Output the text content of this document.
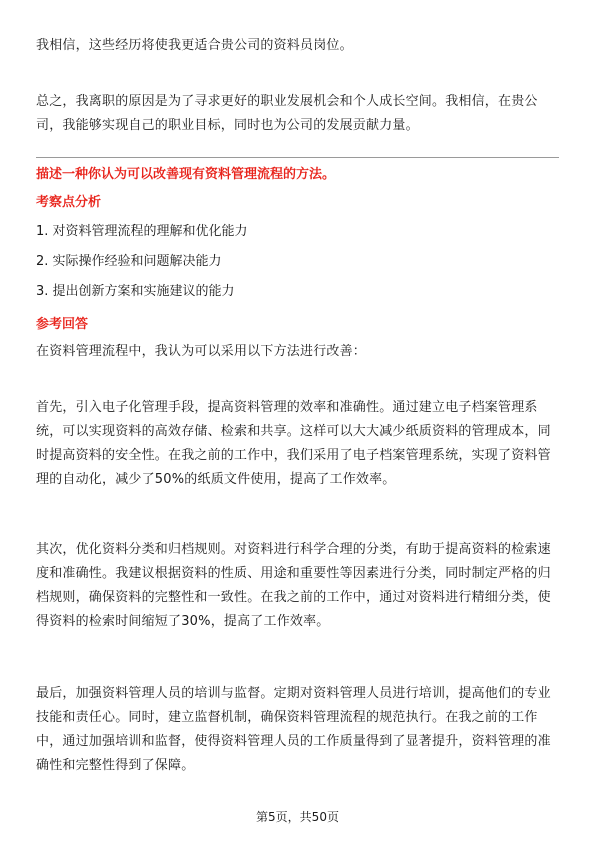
我相信，这些经历将使我更适合贵公司的资料员岗位。

总之，我离职的原因是为了寻求更好的职业发展机会和个人成长空间。我相信，在贵公司，我能够实现自己的职业目标，同时也为公司的发展贡献力量。

描述一种你认为可以改善现有资料管理流程的方法。

考察点分析

1. 对资料管理流程的理解和优化能力

2. 实际操作经验和问题解决能力

3. 提出创新方案和实施建议的能力

参考回答

在资料管理流程中，我认为可以采用以下方法进行改善：

首先，引入电子化管理手段，提高资料管理的效率和准确性。通过建立电子档案管理系统，可以实现资料的高效存储、检索和共享。这样可以大大减少纸质资料的管理成本，同时提高资料的安全性。在我之前的工作中，我们采用了电子档案管理系统，实现了资料管理的自动化，减少了50%的纸质文件使用，提高了工作效率。

其次，优化资料分类和归档规则。对资料进行科学合理的分类，有助于提高资料的检索速度和准确性。我建议根据资料的性质、用途和重要性等因素进行分类，同时制定严格的归档规则，确保资料的完整性和一致性。在我之前的工作中，通过对资料进行精细分类，使得资料的检索时间缩短了30%，提高了工作效率。

最后，加强资料管理人员的培训与监督。定期对资料管理人员进行培训，提高他们的专业技能和责任心。同时，建立监督机制，确保资料管理流程的规范执行。在我之前的工作中，通过加强培训和监督，使得资料管理人员的工作质量得到了显著提升，资料管理的准确性和完整性得到了保障。

第5页，共50页
